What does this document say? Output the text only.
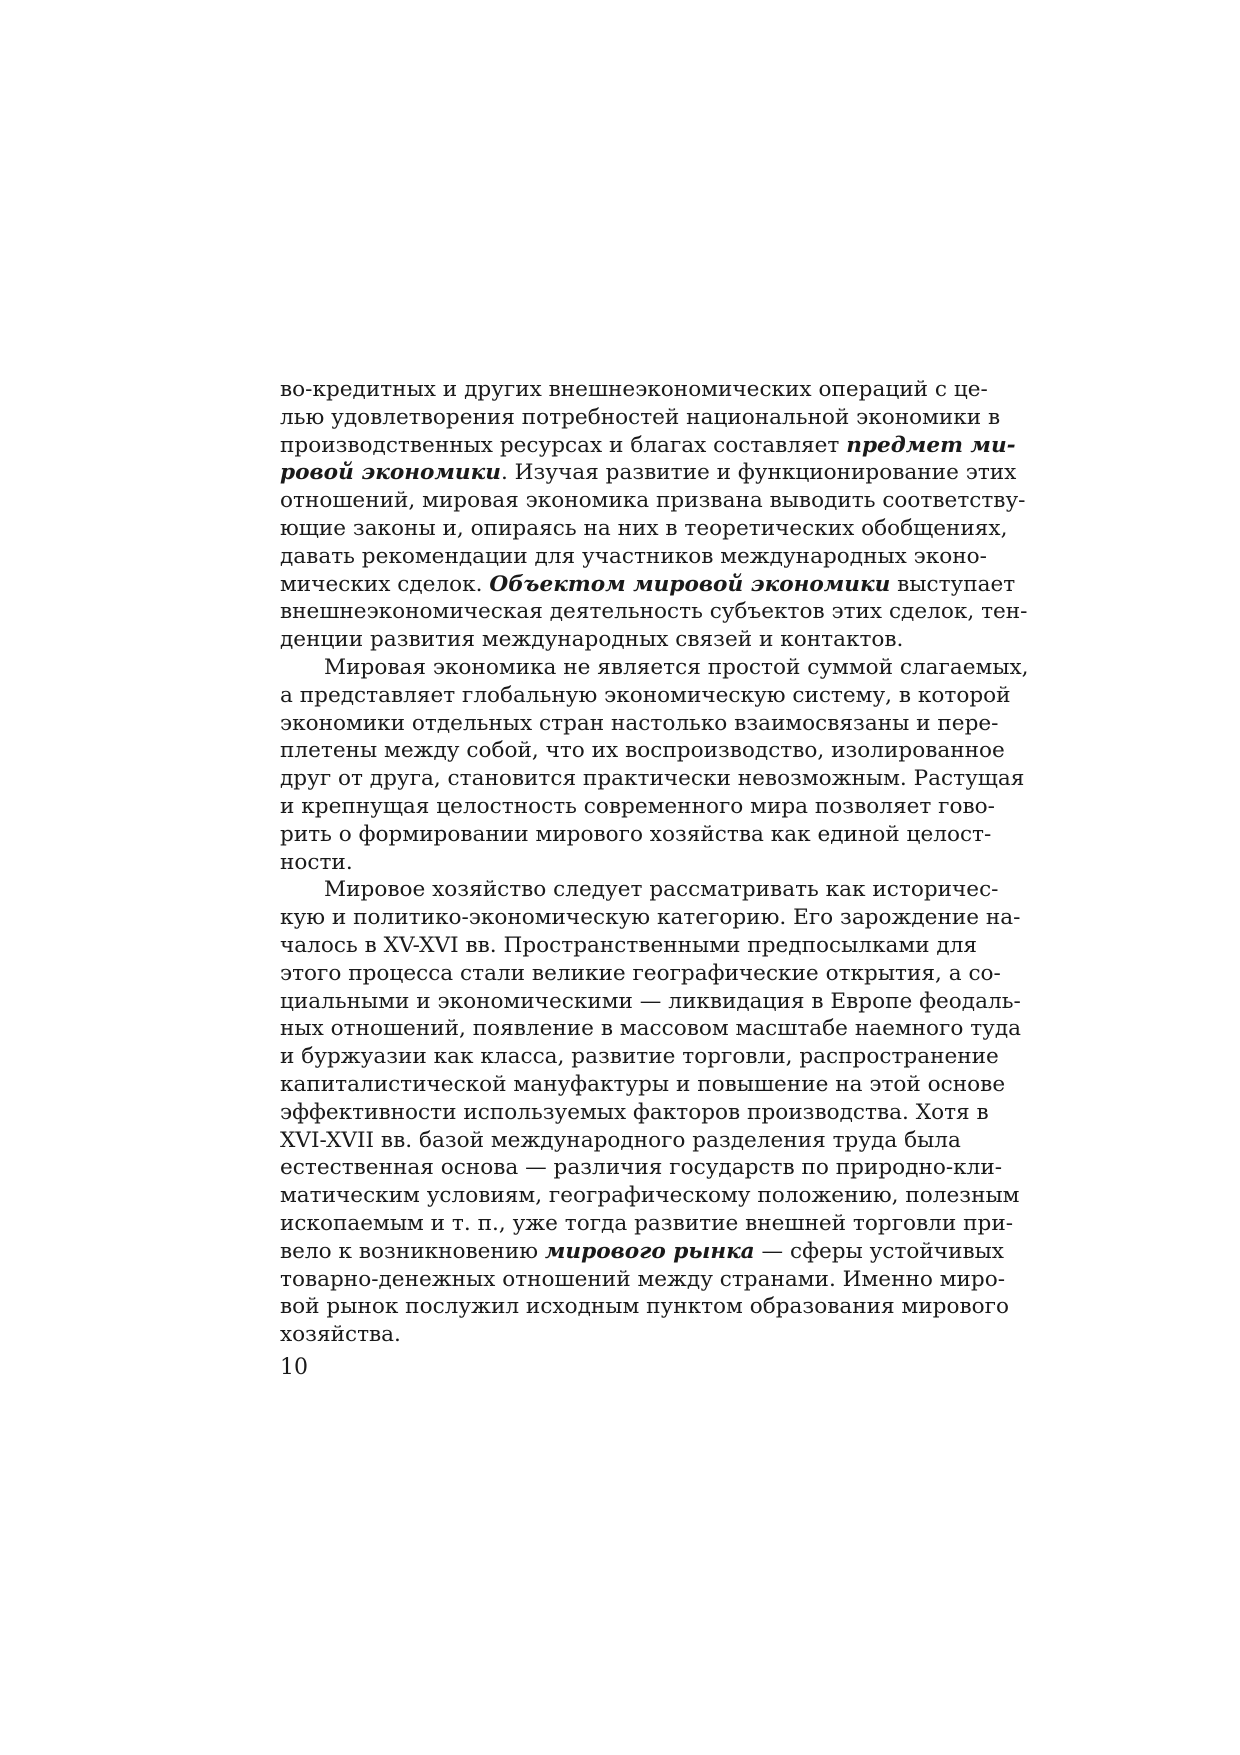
во-кредитных и других внешнеэкономических операций с це-
лью удовлетворения потребностей национальной экономики в
производственных ресурсах и благах составляет предмет ми-
ровой экономики. Изучая развитие и функционирование этих
отношений, мировая экономика призвана выводить соответству-
ющие законы и, опираясь на них в теоретических обобщениях,
давать рекомендации для участников международных эконо-
мических сделок. Объектом мировой экономики выступает
внешнеэкономическая деятельность субъектов этих сделок, тен-
денции развития международных связей и контактов.
Мировая экономика не является простой суммой слагаемых,
а представляет глобальную экономическую систему, в которой
экономики отдельных стран настолько взаимосвязаны и пере-
плетены между собой, что их воспроизводство, изолированное
друг от друга, становится практически невозможным. Растущая
и крепнущая целостность современного мира позволяет гово-
рить о формировании мирового хозяйства как единой целост-
ности.
Мировое хозяйство следует рассматривать как историчес-
кую и политико-экономическую категорию. Его зарождение на-
чалось в XV-XVI вв. Пространственными предпосылками для
этого процесса стали великие географические открытия, а со-
циальными и экономическими — ликвидация в Европе феодаль-
ных отношений, появление в массовом масштабе наемного туда
и буржуазии как класса, развитие торговли, распространение
капиталистической мануфактуры и повышение на этой основе
эффективности используемых факторов производства. Хотя в
XVI-XVII вв. базой международного разделения труда была
естественная основа — различия государств по природно-кли-
матическим условиям, географическому положению, полезным
ископаемым и т. п., уже тогда развитие внешней торговли при-
вело к возникновению мирового рынка — сферы устойчивых
товарно-денежных отношений между странами. Именно миро-
вой рынок послужил исходным пунктом образования мирового
хозяйства.
10
